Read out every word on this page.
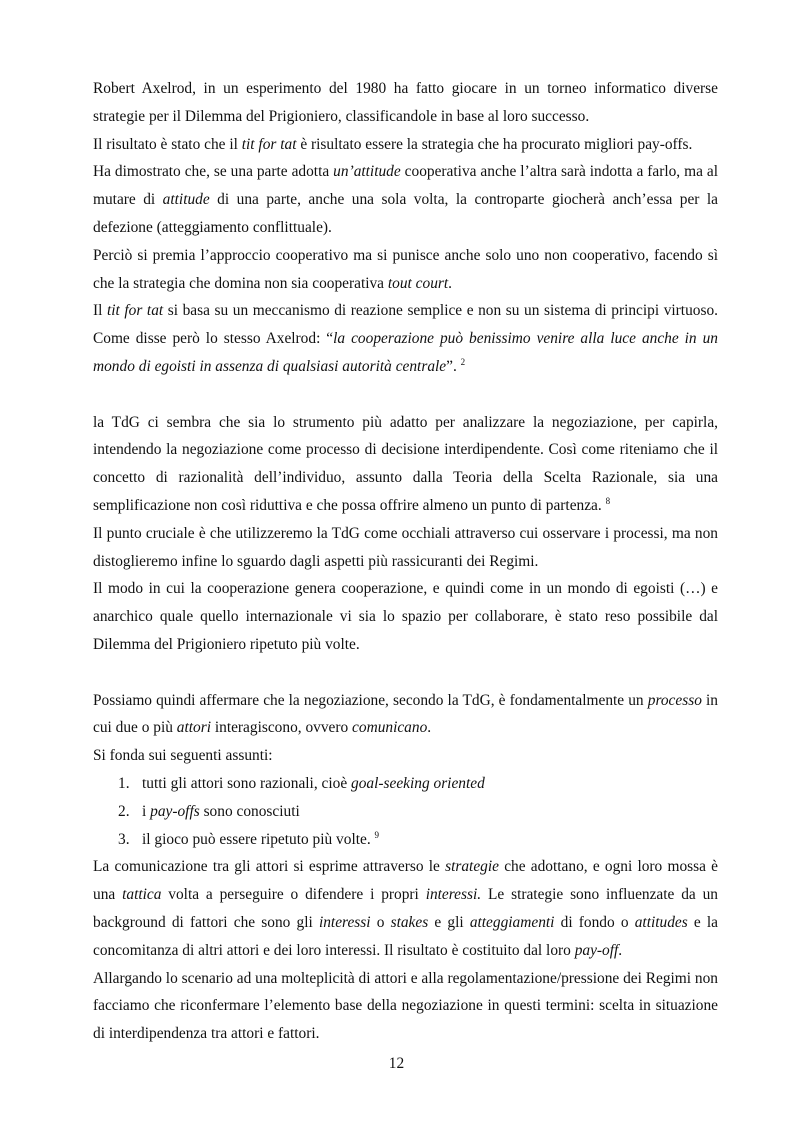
Robert Axelrod, in un esperimento del 1980 ha fatto giocare in un torneo informatico diverse strategie per il Dilemma del Prigioniero, classificandole in base al loro successo.

Il risultato è stato che il tit for tat è risultato essere la strategia che ha procurato migliori pay-offs.

Ha dimostrato che, se una parte adotta un’attitude cooperativa anche l’altra sarà indotta a farlo, ma al mutare di attitude di una parte, anche una sola volta, la controparte giocherà anch’essa per la defezione (atteggiamento conflittuale).

Perciò si premia l’approccio cooperativo ma si punisce anche solo uno non cooperativo, facendo sì che la strategia che domina non sia cooperativa tout court.

Il tit for tat si basa su un meccanismo di reazione semplice e non su un sistema di principi virtuoso. Come disse però lo stesso Axelrod: “la cooperazione può benissimo venire alla luce anche in un mondo di egoisti in assenza di qualsiasi autorità centrale”. $^2$

la TdG ci sembra che sia lo strumento più adatto per analizzare la negoziazione, per capirla, intendendo la negoziazione come processo di decisione interdipendente. Così come riteniamo che il concetto di razionalità dell’individuo, assunto dalla Teoria della Scelta Razionale, sia una semplificazione non così riduttiva e che possa offrire almeno un punto di partenza. $^8$

Il punto cruciale è che utilizzeremo la TdG come occhiali attraverso cui osservare i processi, ma non distoglieremo infine lo sguardo dagli aspetti più rassicuranti dei Regimi.

Il modo in cui la cooperazione genera cooperazione, e quindi come in un mondo di egoisti (…) e anarchico quale quello internazionale vi sia lo spazio per collaborare, è stato reso possibile dal Dilemma del Prigioniero ripetuto più volte.

Possiamo quindi affermare che la negoziazione, secondo la TdG, è fondamentalmente un processo in cui due o più attori interagiscono, ovvero comunicano.

Si fonda sui seguenti assunti:

1. tutti gli attori sono razionali, cioè goal-seeking oriented
2. i pay-offs sono conosciuti
3. il gioco può essere ripetuto più volte. $^9$

La comunicazione tra gli attori si esprime attraverso le strategie che adottano, e ogni loro mossa è una tattica volta a perseguire o difendere i propri interessi. Le strategie sono influenzate da un background di fattori che sono gli interessi o stakes e gli atteggiamenti di fondo o attitudes e la concomitanza di altri attori e dei loro interessi. Il risultato è costituito dal loro pay-off.

Allargando lo scenario ad una molteplicità di attori e alla regolamentazione/pressione dei Regimi non facciamo che riconfermare l’elemento base della negoziazione in questi termini: scelta in situazione di interdipendenza tra attori e fattori.

12
